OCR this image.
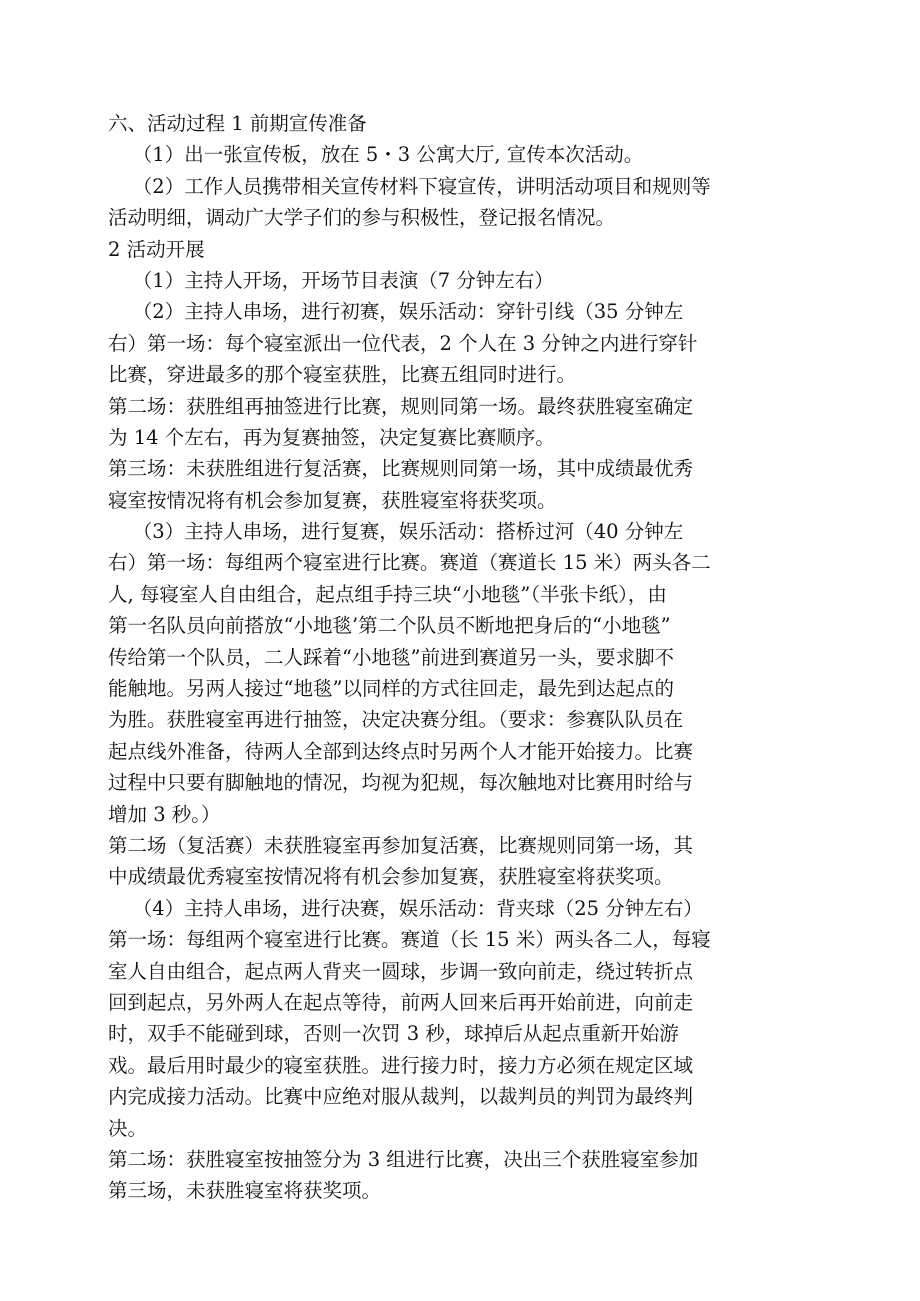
六、活动过程 1 前期宣传准备
（1）出一张宣传板，放在 5・3 公寓大厅, 宣传本次活动。
（2）工作人员携带相关宣传材料下寝宣传，讲明活动项目和规则等
活动明细，调动广大学子们的参与积极性，登记报名情况。
2 活动开展
（1）主持人开场，开场节目表演（7 分钟左右）
（2）主持人串场，进行初赛，娱乐活动：穿针引线（35 分钟左
右）第一场：每个寝室派出一位代表，2 个人在 3 分钟之内进行穿针
比赛，穿进最多的那个寝室获胜，比赛五组同时进行。
第二场：获胜组再抽签进行比赛，规则同第一场。最终获胜寝室确定
为 14 个左右，再为复赛抽签，决定复赛比赛顺序。
第三场：未获胜组进行复活赛，比赛规则同第一场，其中成绩最优秀
寝室按情况将有机会参加复赛，获胜寝室将获奖项。
（3）主持人串场，进行复赛，娱乐活动：搭桥过河（40 分钟左
右）第一场：每组两个寝室进行比赛。赛道（赛道长 15 米）两头各二
人, 每寝室人自由组合，起点组手持三块“小地毯”（半张卡纸），由
第一名队员向前搭放“小地毯’第二个队员不断地把身后的“小地毯”
传给第一个队员，二人踩着“小地毯”前进到赛道另一头，要求脚不
能触地。另两人接过“地毯”以同样的方式往回走，最先到达起点的
为胜。获胜寝室再进行抽签，决定决赛分组。（要求：参赛队队员在
起点线外准备，待两人全部到达终点时另两个人才能开始接力。比赛
过程中只要有脚触地的情况，均视为犯规，每次触地对比赛用时给与
增加 3 秒。）
第二场（复活赛）未获胜寝室再参加复活赛，比赛规则同第一场，其
中成绩最优秀寝室按情况将有机会参加复赛，获胜寝室将获奖项。
（4）主持人串场，进行决赛，娱乐活动：背夹球（25 分钟左右）
第一场：每组两个寝室进行比赛。赛道（长 15 米）两头各二人，每寝
室人自由组合，起点两人背夹一圆球，步调一致向前走，绕过转折点
回到起点，另外两人在起点等待，前两人回来后再开始前进，向前走
时，双手不能碰到球，否则一次罚 3 秒，球掉后从起点重新开始游
戏。最后用时最少的寝室获胜。进行接力时，接力方必须在规定区域
内完成接力活动。比赛中应绝对服从裁判，以裁判员的判罚为最终判
决。
第二场：获胜寝室按抽签分为 3 组进行比赛，决出三个获胜寝室参加
第三场，未获胜寝室将获奖项。
